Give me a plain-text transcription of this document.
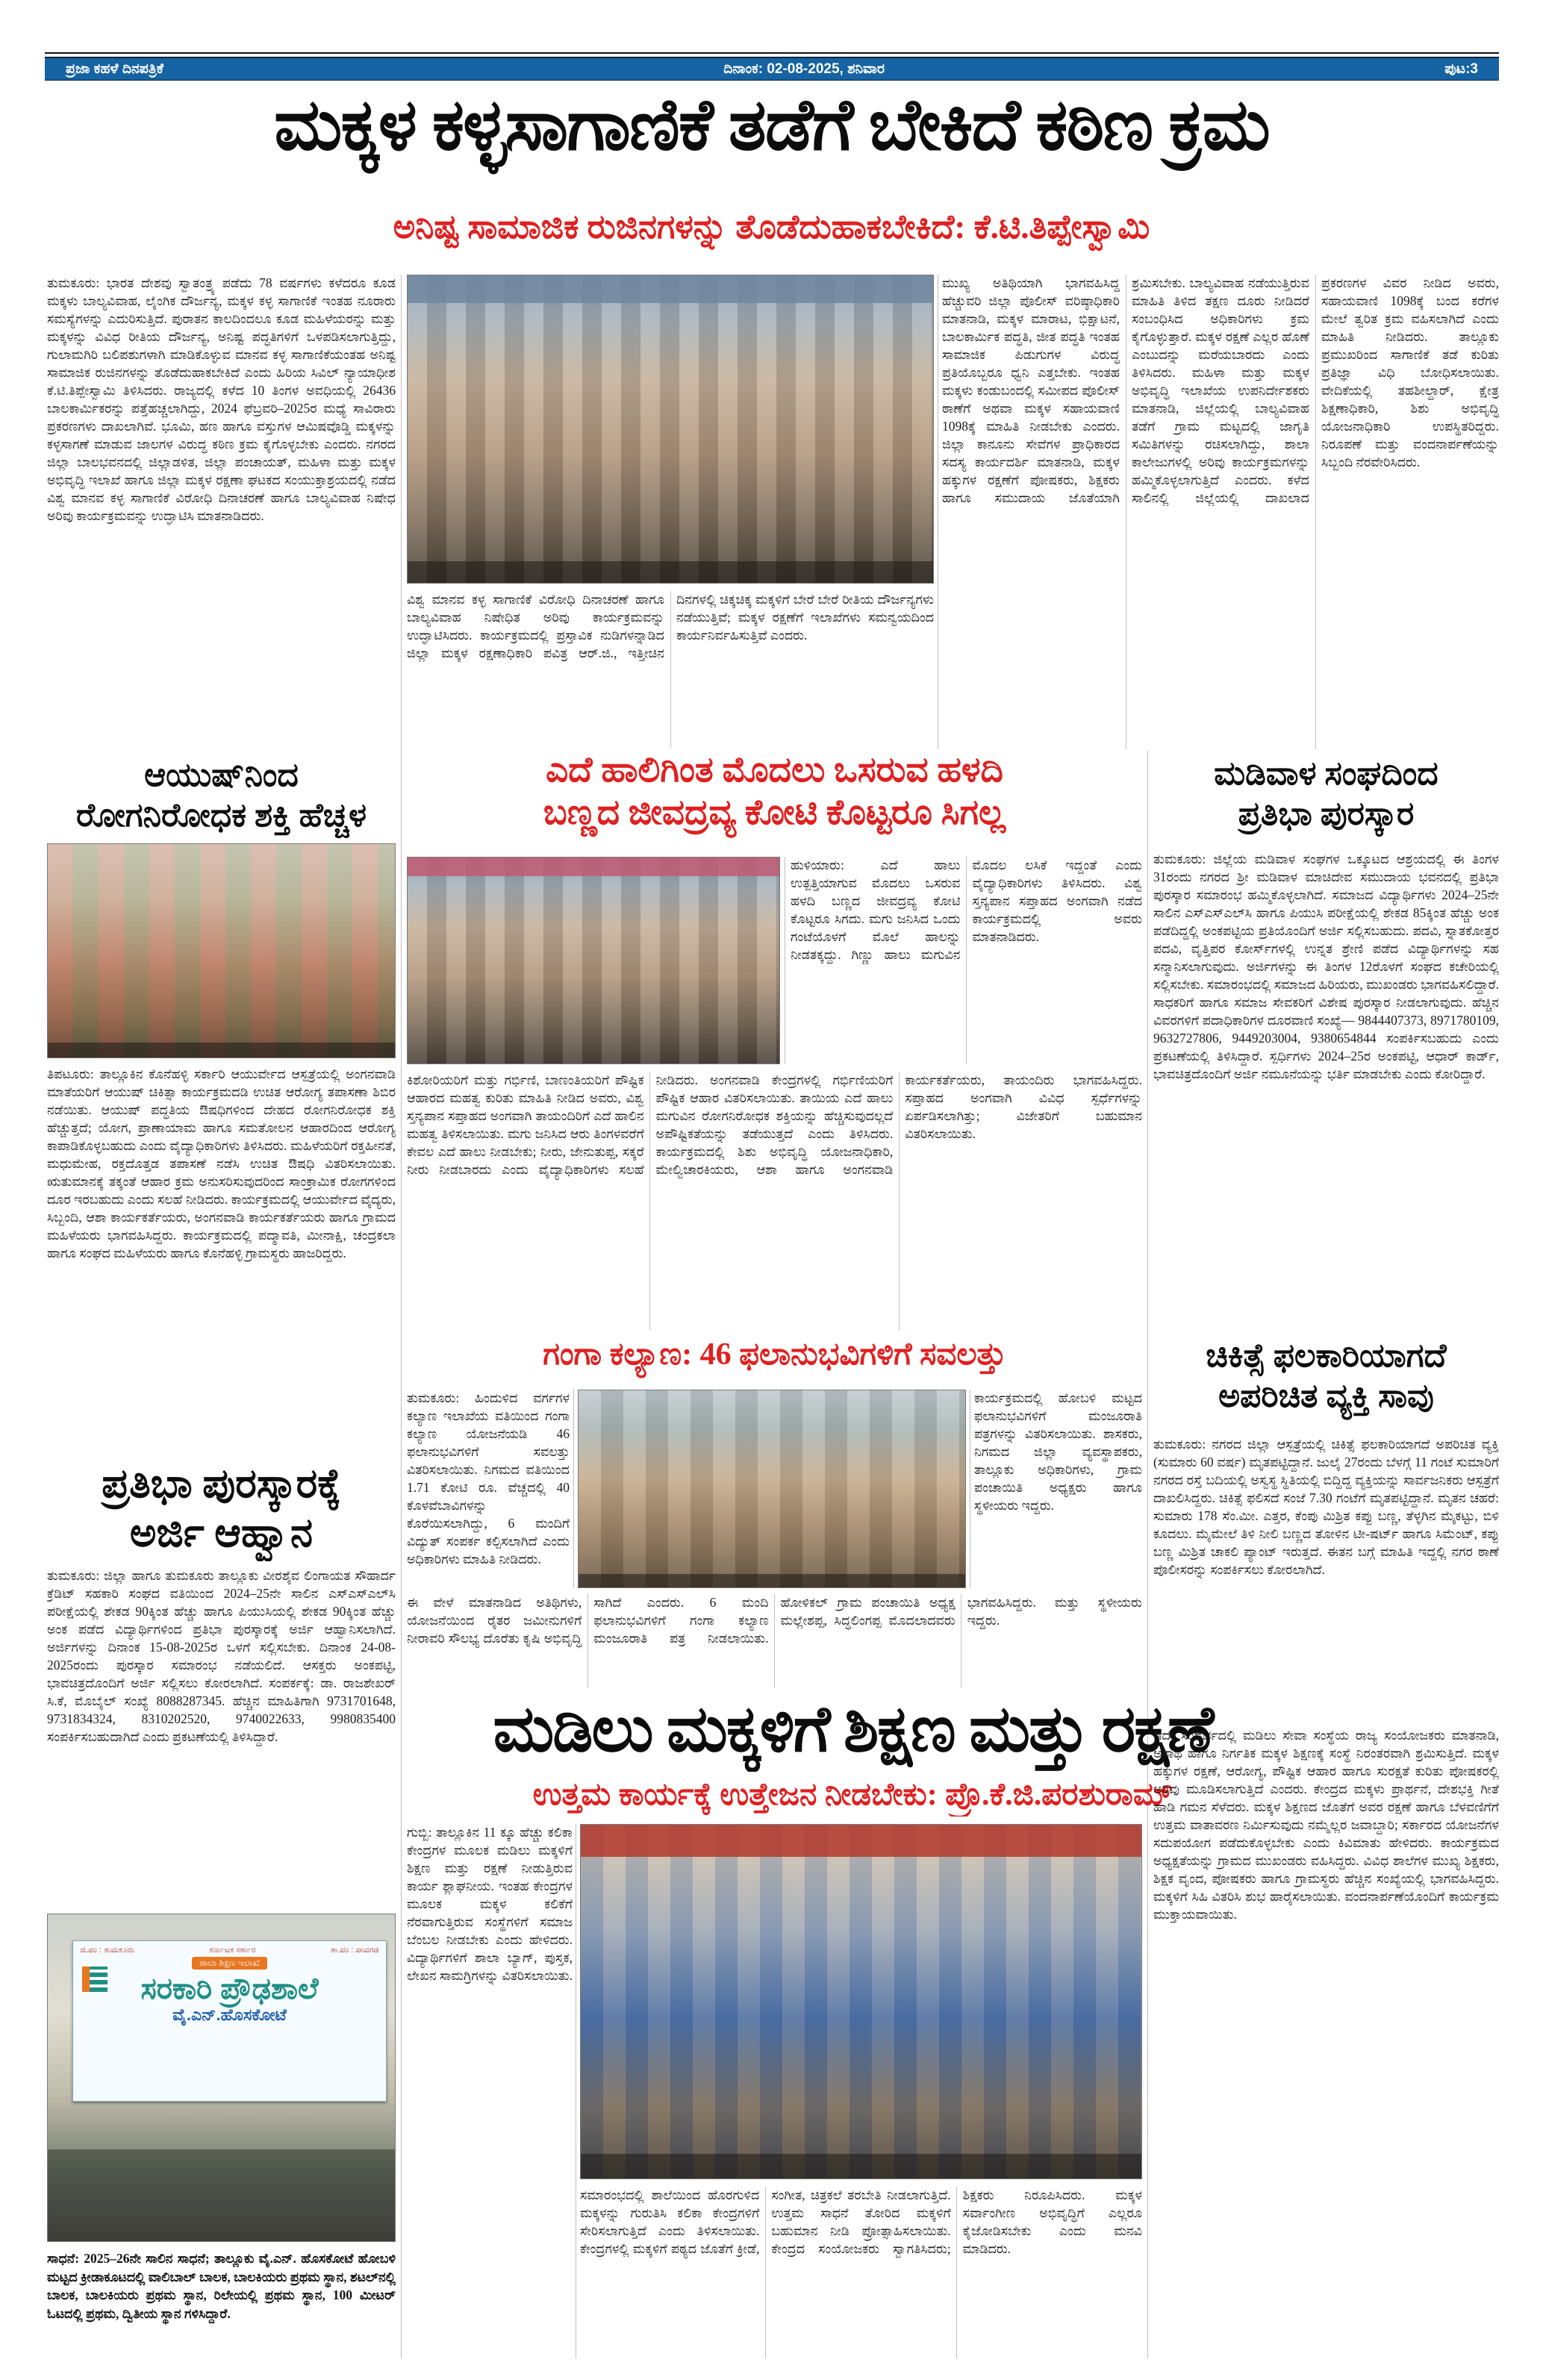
ಪ್ರಜಾ ಕಹಳೆ ದಿನಪತ್ರಿಕೆ	ದಿನಾಂಕ: 02-08-2025, ಶನಿವಾರ	ಪುಟ:3
ಮಕ್ಕಳ ಕಳ್ಳಸಾಗಾಣಿಕೆ ತಡೆಗೆ ಬೇಕಿದೆ ಕಠಿಣ ಕ್ರಮ
ಅನಿಷ್ಟ ಸಾಮಾಜಿಕ ರುಜಿನಗಳನ್ನು ತೊಡೆದುಹಾಕಬೇಕಿದೆ: ಕೆ.ಟಿ.ತಿಪ್ಪೇಸ್ವಾಮಿ
ತುಮಕೂರು: ಭಾರತ ದೇಶವು ಸ್ವಾತಂತ್ರ್ಯ ಪಡೆದು 78 ವರ್ಷಗಳು ಕಳೆದರೂ ಕೂಡ ಮಕ್ಕಳು ಬಾಲ್ಯವಿವಾಹ, ಲೈಂಗಿಕ ದೌರ್ಜನ್ಯ, ಮಕ್ಕಳ ಕಳ್ಳ ಸಾಗಾಣಿಕೆ ಇಂತಹ ನೂರಾರು ಸಮಸ್ಯೆಗಳನ್ನು ಎದುರಿಸುತ್ತಿದೆ. ಪುರಾತನ ಕಾಲದಿಂದಲೂ ಕೂಡ ಮಹಿಳೆಯರನ್ನು ಮತ್ತು ಮಕ್ಕಳನ್ನು ವಿವಿಧ ರೀತಿಯ ದೌರ್ಜನ್ಯ, ಅನಿಷ್ಟ ಪದ್ಧತಿಗಳಿಗೆ ಒಳಪಡಿಸಲಾಗುತ್ತಿದ್ದು, ಗುಲಾಮಗಿರಿ ಬಲಿಪಶುಗಳಾಗಿ ಮಾಡಿಕೊಳ್ಳುವ ಮಾನವ ಕಳ್ಳ ಸಾಗಾಣಿಕೆಯಂತಹ ಅನಿಷ್ಟ ಸಾಮಾಜಿಕ ರುಜಿನಗಳನ್ನು ತೊಡೆದುಹಾಕಬೇಕಿದೆ ಎಂದು ಹಿರಿಯ ಸಿವಿಲ್ ನ್ಯಾಯಾಧೀಶ ಕೆ.ಟಿ.ತಿಪ್ಪೇಸ್ವಾಮಿ ತಿಳಿಸಿದರು. ರಾಜ್ಯದಲ್ಲಿ ಕಳೆದ 10 ತಿಂಗಳ ಅವಧಿಯಲ್ಲಿ 26436 ಬಾಲಕಾರ್ಮಿಕರನ್ನು ಪತ್ತೆಹಚ್ಚಲಾಗಿದ್ದು, 2024 ಫೆಬ್ರವರಿ–2025ರ ಮಧ್ಯೆ ಸಾವಿರಾರು ಪ್ರಕರಣಗಳು ದಾಖಲಾಗಿವೆ. ಭೂಮಿ, ಹಣ ಹಾಗೂ ವಸ್ತುಗಳ ಆಮಿಷವೊಡ್ಡಿ ಮಕ್ಕಳನ್ನು ಕಳ್ಳಸಾಗಣೆ ಮಾಡುವ ಜಾಲಗಳ ವಿರುದ್ಧ ಕಠಿಣ ಕ್ರಮ ಕೈಗೊಳ್ಳಬೇಕು ಎಂದರು. ನಗರದ ಜಿಲ್ಲಾ ಬಾಲಭವನದಲ್ಲಿ ಜಿಲ್ಲಾಡಳಿತ, ಜಿಲ್ಲಾ ಪಂಚಾಯತ್, ಮಹಿಳಾ ಮತ್ತು ಮಕ್ಕಳ ಅಭಿವೃದ್ಧಿ ಇಲಾಖೆ ಹಾಗೂ ಜಿಲ್ಲಾ ಮಕ್ಕಳ ರಕ್ಷಣಾ ಘಟಕದ ಸಂಯುಕ್ತಾಶ್ರಯದಲ್ಲಿ ನಡೆದ ವಿಶ್ವ ಮಾನವ ಕಳ್ಳ ಸಾಗಾಣಿಕೆ ವಿರೋಧಿ ದಿನಾಚರಣೆ ಹಾಗೂ ಬಾಲ್ಯವಿವಾಹ ನಿಷೇಧ ಅರಿವು ಕಾರ್ಯಕ್ರಮವನ್ನು ಉದ್ಘಾಟಿಸಿ ಮಾತನಾಡಿದರು.
ಮುಖ್ಯ ಅತಿಥಿಯಾಗಿ ಭಾಗವಹಿಸಿದ್ದ ಹೆಚ್ಚುವರಿ ಜಿಲ್ಲಾ ಪೊಲೀಸ್ ವರಿಷ್ಠಾಧಿಕಾರಿ ಮಾತನಾಡಿ, ಮಕ್ಕಳ ಮಾರಾಟ, ಭಿಕ್ಷಾಟನೆ, ಬಾಲಕಾರ್ಮಿಕ ಪದ್ಧತಿ, ಜೀತ ಪದ್ಧತಿ ಇಂತಹ ಸಾಮಾಜಿಕ ಪಿಡುಗುಗಳ ವಿರುದ್ಧ ಪ್ರತಿಯೊಬ್ಬರೂ ಧ್ವನಿ ಎತ್ತಬೇಕು. ಇಂತಹ ಮಕ್ಕಳು ಕಂಡುಬಂದಲ್ಲಿ ಸಮೀಪದ ಪೊಲೀಸ್ ಠಾಣೆಗೆ ಅಥವಾ ಮಕ್ಕಳ ಸಹಾಯವಾಣಿ 1098ಕ್ಕೆ ಮಾಹಿತಿ ನೀಡಬೇಕು ಎಂದರು. ಜಿಲ್ಲಾ ಕಾನೂನು ಸೇವೆಗಳ ಪ್ರಾಧಿಕಾರದ ಸದಸ್ಯ ಕಾರ್ಯದರ್ಶಿ ಮಾತನಾಡಿ, ಮಕ್ಕಳ ಹಕ್ಕುಗಳ ರಕ್ಷಣೆಗೆ ಪೋಷಕರು, ಶಿಕ್ಷಕರು ಹಾಗೂ ಸಮುದಾಯ ಜೊತೆಯಾಗಿ ಶ್ರಮಿಸಬೇಕು. ಬಾಲ್ಯವಿವಾಹ ನಡೆಯುತ್ತಿರುವ ಮಾಹಿತಿ ತಿಳಿದ ತಕ್ಷಣ ದೂರು ನೀಡಿದರೆ ಸಂಬಂಧಿಸಿದ ಅಧಿಕಾರಿಗಳು ಕ್ರಮ ಕೈಗೊಳ್ಳುತ್ತಾರೆ. ಮಕ್ಕಳ ರಕ್ಷಣೆ ಎಲ್ಲರ ಹೊಣೆ ಎಂಬುದನ್ನು ಮರೆಯಬಾರದು ಎಂದು ತಿಳಿಸಿದರು. ಮಹಿಳಾ ಮತ್ತು ಮಕ್ಕಳ ಅಭಿವೃದ್ಧಿ ಇಲಾಖೆಯ ಉಪನಿರ್ದೇಶಕರು ಮಾತನಾಡಿ, ಜಿಲ್ಲೆಯಲ್ಲಿ ಬಾಲ್ಯವಿವಾಹ ತಡೆಗೆ ಗ್ರಾಮ ಮಟ್ಟದಲ್ಲಿ ಜಾಗೃತಿ ಸಮಿತಿಗಳನ್ನು ರಚಿಸಲಾಗಿದ್ದು, ಶಾಲಾ ಕಾಲೇಜುಗಳಲ್ಲಿ ಅರಿವು ಕಾರ್ಯಕ್ರಮಗಳನ್ನು ಹಮ್ಮಿಕೊಳ್ಳಲಾಗುತ್ತಿದೆ ಎಂದರು. ಕಳೆದ ಸಾಲಿನಲ್ಲಿ ಜಿಲ್ಲೆಯಲ್ಲಿ ದಾಖಲಾದ ಪ್ರಕರಣಗಳ ವಿವರ ನೀಡಿದ ಅವರು, ಸಹಾಯವಾಣಿ 1098ಕ್ಕೆ ಬಂದ ಕರೆಗಳ ಮೇಲೆ ತ್ವರಿತ ಕ್ರಮ ವಹಿಸಲಾಗಿದೆ ಎಂದು ಮಾಹಿತಿ ನೀಡಿದರು. ತಾಲ್ಲೂಕು ಪ್ರಮುಖರಿಂದ ಸಾಗಾಣಿಕೆ ತಡೆ ಕುರಿತು ಪ್ರತಿಜ್ಞಾ ವಿಧಿ ಬೋಧಿಸಲಾಯಿತು. ವೇದಿಕೆಯಲ್ಲಿ ತಹಶೀಲ್ದಾರ್, ಕ್ಷೇತ್ರ ಶಿಕ್ಷಣಾಧಿಕಾರಿ, ಶಿಶು ಅಭಿವೃದ್ಧಿ ಯೋಜನಾಧಿಕಾರಿ ಉಪಸ್ಥಿತರಿದ್ದರು. ನಿರೂಪಣೆ ಮತ್ತು ವಂದನಾರ್ಪಣೆಯನ್ನು ಸಿಬ್ಬಂದಿ ನೆರವೇರಿಸಿದರು.
ವಿಶ್ವ ಮಾನವ ಕಳ್ಳ ಸಾಗಾಣಿಕೆ ವಿರೋಧಿ ದಿನಾಚರಣೆ ಹಾಗೂ ಬಾಲ್ಯವಿವಾಹ ನಿಷೇಧಿತ ಅರಿವು ಕಾರ್ಯಕ್ರಮವನ್ನು ಉದ್ಘಾಟಿಸಿದರು. ಕಾರ್ಯಕ್ರಮದಲ್ಲಿ ಪ್ರಸ್ತಾವಿಕ ನುಡಿಗಳನ್ನಾಡಿದ ಜಿಲ್ಲಾ ಮಕ್ಕಳ ರಕ್ಷಣಾಧಿಕಾರಿ ಪವಿತ್ರ ಆರ್.ಜಿ., ಇತ್ತೀಚಿನ ದಿನಗಳಲ್ಲಿ ಚಿಕ್ಕಚಿಕ್ಕ ಮಕ್ಕಳಿಗೆ ಬೇರೆ ಬೇರೆ ರೀತಿಯ ದೌರ್ಜನ್ಯಗಳು ನಡೆಯುತ್ತಿವೆ; ಮಕ್ಕಳ ರಕ್ಷಣೆಗೆ ಇಲಾಖೆಗಳು ಸಮನ್ವಯದಿಂದ ಕಾರ್ಯನಿರ್ವಹಿಸುತ್ತಿವೆ ಎಂದರು.
ಆಯುಷ್‌ನಿಂದ
ರೋಗನಿರೋಧಕ ಶಕ್ತಿ ಹೆಚ್ಚಳ
ತಿಪಟೂರು: ತಾಲ್ಲೂಕಿನ ಕೊನೆಹಳ್ಳಿ ಸರ್ಕಾರಿ ಆಯುರ್ವೇದ ಆಸ್ಪತ್ರೆಯಲ್ಲಿ ಅಂಗನವಾಡಿ ಮಾತೆಯರಿಗೆ ಆಯುಷ್ ಚಿಕಿತ್ಸಾ ಕಾರ್ಯಕ್ರಮದಡಿ ಉಚಿತ ಆರೋಗ್ಯ ತಪಾಸಣಾ ಶಿಬಿರ ನಡೆಯಿತು. ಆಯುಷ್ ಪದ್ಧತಿಯ ಔಷಧಿಗಳಿಂದ ದೇಹದ ರೋಗನಿರೋಧಕ ಶಕ್ತಿ ಹೆಚ್ಚುತ್ತದೆ; ಯೋಗ, ಪ್ರಾಣಾಯಾಮ ಹಾಗೂ ಸಮತೋಲನ ಆಹಾರದಿಂದ ಆರೋಗ್ಯ ಕಾಪಾಡಿಕೊಳ್ಳಬಹುದು ಎಂದು ವೈದ್ಯಾಧಿಕಾರಿಗಳು ತಿಳಿಸಿದರು. ಮಹಿಳೆಯರಿಗೆ ರಕ್ತಹೀನತೆ, ಮಧುಮೇಹ, ರಕ್ತದೊತ್ತಡ ತಪಾಸಣೆ ನಡೆಸಿ ಉಚಿತ ಔಷಧಿ ವಿತರಿಸಲಾಯಿತು. ಋತುಮಾನಕ್ಕೆ ತಕ್ಕಂತೆ ಆಹಾರ ಕ್ರಮ ಅನುಸರಿಸುವುದರಿಂದ ಸಾಂಕ್ರಾಮಿಕ ರೋಗಗಳಿಂದ ದೂರ ಇರಬಹುದು ಎಂದು ಸಲಹೆ ನೀಡಿದರು. ಕಾರ್ಯಕ್ರಮದಲ್ಲಿ ಆಯುರ್ವೇದ ವೈದ್ಯರು, ಸಿಬ್ಬಂದಿ, ಆಶಾ ಕಾರ್ಯಕರ್ತೆಯರು, ಅಂಗನವಾಡಿ ಕಾರ್ಯಕರ್ತೆಯರು ಹಾಗೂ ಗ್ರಾಮದ ಮಹಿಳೆಯರು ಭಾಗವಹಿಸಿದ್ದರು. ಕಾರ್ಯಕ್ರಮದಲ್ಲಿ ಪದ್ಮಾವತಿ, ಮೀನಾಕ್ಷಿ, ಚಂದ್ರಕಲಾ ಹಾಗೂ ಸಂಘದ ಮಹಿಳೆಯರು ಹಾಗೂ ಕೊನೆಹಳ್ಳಿ ಗ್ರಾಮಸ್ಥರು ಹಾಜರಿದ್ದರು.
ಪ್ರತಿಭಾ ಪುರಸ್ಕಾರಕ್ಕೆ
ಅರ್ಜಿ ಆಹ್ವಾನ
ತುಮಕೂರು: ಜಿಲ್ಲಾ ಹಾಗೂ ತುಮಕೂರು ತಾಲ್ಲೂಕು ವೀರಶೈವ ಲಿಂಗಾಯತ ಸೌಹಾರ್ದ ಕ್ರೆಡಿಟ್ ಸಹಕಾರಿ ಸಂಘದ ವತಿಯಿಂದ 2024–25ನೇ ಸಾಲಿನ ಎಸ್‌ಎಸ್‌ಎಲ್‌ಸಿ ಪರೀಕ್ಷೆಯಲ್ಲಿ ಶೇಕಡ 90ಕ್ಕಿಂತ ಹೆಚ್ಚು ಹಾಗೂ ಪಿಯುಸಿಯಲ್ಲಿ ಶೇಕಡ 90ಕ್ಕಿಂತ ಹೆಚ್ಚು ಅಂಕ ಪಡೆದ ವಿದ್ಯಾರ್ಥಿಗಳಿಂದ ಪ್ರತಿಭಾ ಪುರಸ್ಕಾರಕ್ಕೆ ಅರ್ಜಿ ಆಹ್ವಾನಿಸಲಾಗಿದೆ. ಅರ್ಜಿಗಳನ್ನು ದಿನಾಂಕ 15-08-2025ರ ಒಳಗೆ ಸಲ್ಲಿಸಬೇಕು. ದಿನಾಂಕ 24-08-2025ರಂದು ಪುರಸ್ಕಾರ ಸಮಾರಂಭ ನಡೆಯಲಿದೆ. ಆಸಕ್ತರು ಅಂಕಪಟ್ಟಿ, ಭಾವಚಿತ್ರದೊಂದಿಗೆ ಅರ್ಜಿ ಸಲ್ಲಿಸಲು ಕೋರಲಾಗಿದೆ. ಸಂಪರ್ಕಕ್ಕೆ: ಡಾ. ರಾಜಶೇಖರ್ ಸಿ.ಕೆ, ಮೊಬೈಲ್ ಸಂಖ್ಯೆ 8088287345. ಹೆಚ್ಚಿನ ಮಾಹಿತಿಗಾಗಿ 9731701648, 9731834324, 8310202520, 9740022633, 9980835400 ಸಂಪರ್ಕಿಸಬಹುದಾಗಿದೆ ಎಂದು ಪ್ರಕಟಣೆಯಲ್ಲಿ ತಿಳಿಸಿದ್ದಾರೆ.
ಜಿ.ಪಂ : ತುಮಕೂರು	ಕರ್ನಾಟಕ ಸರ್ಕಾರ	ತಾ.ಪಂ : ಪಾವಗಡ
ಶಾಲಾ ಶಿಕ್ಷಣ ಇಲಾಖೆ
ಸರಕಾರಿ ಪ್ರೌಢಶಾಲೆ
ವೈ.ಎನ್.ಹೊಸಕೋಟೆ
ಸಾಧನೆ: 2025–26ನೇ ಸಾಲಿನ ಸಾಧನೆ; ತಾಲ್ಲೂಕು ವೈ.ಎನ್. ಹೊಸಕೋಟೆ ಹೋಬಳಿ ಮಟ್ಟದ ಕ್ರೀಡಾಕೂಟದಲ್ಲಿ ವಾಲಿಬಾಲ್ ಬಾಲಕ, ಬಾಲಕಿಯರು ಪ್ರಥಮ ಸ್ಥಾನ, ಶಟಲ್‌ನಲ್ಲಿ ಬಾಲಕ, ಬಾಲಕಿಯರು ಪ್ರಥಮ ಸ್ಥಾನ, ರಿಲೇಯಲ್ಲಿ ಪ್ರಥಮ ಸ್ಥಾನ, 100 ಮೀಟರ್ ಓಟದಲ್ಲಿ ಪ್ರಥಮ, ದ್ವಿತೀಯ ಸ್ಥಾನ ಗಳಿಸಿದ್ದಾರೆ.
ಎದೆ ಹಾಲಿಗಿಂತ ಮೊದಲು ಒಸರುವ ಹಳದಿ
ಬಣ್ಣದ ಜೀವದ್ರವ್ಯ ಕೋಟಿ ಕೊಟ್ಟರೂ ಸಿಗಲ್ಲ
ಹುಳಿಯಾರು: ಎದೆ ಹಾಲು ಉತ್ಪತ್ತಿಯಾಗುವ ಮೊದಲು ಒಸರುವ ಹಳದಿ ಬಣ್ಣದ ಜೀವದ್ರವ್ಯ ಕೋಟಿ ಕೊಟ್ಟರೂ ಸಿಗದು. ಮಗು ಜನಿಸಿದ ಒಂದು ಗಂಟೆಯೊಳಗೆ ಮೊಲೆ ಹಾಲನ್ನು ನೀಡತಕ್ಕದ್ದು. ಗಿಣ್ಣು ಹಾಲು ಮಗುವಿನ ಮೊದಲ ಲಸಿಕೆ ಇದ್ದಂತೆ ಎಂದು ವೈದ್ಯಾಧಿಕಾರಿಗಳು ತಿಳಿಸಿದರು. ವಿಶ್ವ ಸ್ತನ್ಯಪಾನ ಸಪ್ತಾಹದ ಅಂಗವಾಗಿ ನಡೆದ ಕಾರ್ಯಕ್ರಮದಲ್ಲಿ ಅವರು ಮಾತನಾಡಿದರು.
ಕಿಶೋರಿಯರಿಗೆ ಮತ್ತು ಗರ್ಭಿಣಿ, ಬಾಣಂತಿಯರಿಗೆ ಪೌಷ್ಟಿಕ ಆಹಾರದ ಮಹತ್ವ ಕುರಿತು ಮಾಹಿತಿ ನೀಡಿದ ಅವರು, ವಿಶ್ವ ಸ್ತನ್ಯಪಾನ ಸಪ್ತಾಹದ ಅಂಗವಾಗಿ ತಾಯಂದಿರಿಗೆ ಎದೆ ಹಾಲಿನ ಮಹತ್ವ ತಿಳಿಸಲಾಯಿತು. ಮಗು ಜನಿಸಿದ ಆರು ತಿಂಗಳವರೆಗೆ ಕೇವಲ ಎದೆ ಹಾಲು ನೀಡಬೇಕು; ನೀರು, ಜೇನುತುಪ್ಪ, ಸಕ್ಕರೆ ನೀರು ನೀಡಬಾರದು ಎಂದು ವೈದ್ಯಾಧಿಕಾರಿಗಳು ಸಲಹೆ ನೀಡಿದರು. ಅಂಗನವಾಡಿ ಕೇಂದ್ರಗಳಲ್ಲಿ ಗರ್ಭಿಣಿಯರಿಗೆ ಪೌಷ್ಟಿಕ ಆಹಾರ ವಿತರಿಸಲಾಯಿತು. ತಾಯಿಯ ಎದೆ ಹಾಲು ಮಗುವಿನ ರೋಗನಿರೋಧಕ ಶಕ್ತಿಯನ್ನು ಹೆಚ್ಚಿಸುವುದಲ್ಲದೆ ಅಪೌಷ್ಟಿಕತೆಯನ್ನು ತಡೆಯುತ್ತದೆ ಎಂದು ತಿಳಿಸಿದರು. ಕಾರ್ಯಕ್ರಮದಲ್ಲಿ ಶಿಶು ಅಭಿವೃದ್ಧಿ ಯೋಜನಾಧಿಕಾರಿ, ಮೇಲ್ವಿಚಾರಕಿಯರು, ಆಶಾ ಹಾಗೂ ಅಂಗನವಾಡಿ ಕಾರ್ಯಕರ್ತೆಯರು, ತಾಯಂದಿರು ಭಾಗವಹಿಸಿದ್ದರು. ಸಪ್ತಾಹದ ಅಂಗವಾಗಿ ವಿವಿಧ ಸ್ಪರ್ಧೆಗಳನ್ನು ಏರ್ಪಡಿಸಲಾಗಿತ್ತು; ವಿಜೇತರಿಗೆ ಬಹುಮಾನ ವಿತರಿಸಲಾಯಿತು.
ಗಂಗಾ ಕಲ್ಯಾಣ: 46 ಫಲಾನುಭವಿಗಳಿಗೆ ಸವಲತ್ತು
ತುಮಕೂರು: ಹಿಂದುಳಿದ ವರ್ಗಗಳ ಕಲ್ಯಾಣ ಇಲಾಖೆಯ ವತಿಯಿಂದ ಗಂಗಾ ಕಲ್ಯಾಣ ಯೋಜನೆಯಡಿ 46 ಫಲಾನುಭವಿಗಳಿಗೆ ಸವಲತ್ತು ವಿತರಿಸಲಾಯಿತು. ನಿಗಮದ ವತಿಯಿಂದ 1.71 ಕೋಟಿ ರೂ. ವೆಚ್ಚದಲ್ಲಿ 40 ಕೊಳವೆಬಾವಿಗಳನ್ನು ಕೊರೆಯಿಸಲಾಗಿದ್ದು, 6 ಮಂದಿಗೆ ವಿದ್ಯುತ್ ಸಂಪರ್ಕ ಕಲ್ಪಿಸಲಾಗಿದೆ ಎಂದು ಅಧಿಕಾರಿಗಳು ಮಾಹಿತಿ ನೀಡಿದರು.
ಕಾರ್ಯಕ್ರಮದಲ್ಲಿ ಹೋಬಳಿ ಮಟ್ಟದ ಫಲಾನುಭವಿಗಳಿಗೆ ಮಂಜೂರಾತಿ ಪತ್ರಗಳನ್ನು ವಿತರಿಸಲಾಯಿತು. ಶಾಸಕರು, ನಿಗಮದ ಜಿಲ್ಲಾ ವ್ಯವಸ್ಥಾಪಕರು, ತಾಲ್ಲೂಕು ಅಧಿಕಾರಿಗಳು, ಗ್ರಾಮ ಪಂಚಾಯಿತಿ ಅಧ್ಯಕ್ಷರು ಹಾಗೂ ಸ್ಥಳೀಯರು ಇದ್ದರು.
ಈ ವೇಳೆ ಮಾತನಾಡಿದ ಅತಿಥಿಗಳು, ಯೋಜನೆಯಿಂದ ರೈತರ ಜಮೀನುಗಳಿಗೆ ನೀರಾವರಿ ಸೌಲಭ್ಯ ದೊರೆತು ಕೃಷಿ ಅಭಿವೃದ್ಧಿ ಸಾಗಿದೆ ಎಂದರು. 6 ಮಂದಿ ಫಲಾನುಭವಿಗಳಿಗೆ ಗಂಗಾ ಕಲ್ಯಾಣ ಮಂಜೂರಾತಿ ಪತ್ರ ನೀಡಲಾಯಿತು. ಹೋಳಿಕಲ್ ಗ್ರಾಮ ಪಂಚಾಯಿತಿ ಅಧ್ಯಕ್ಷ ಮಲ್ಲೇಶಪ್ಪ, ಸಿದ್ಧಲಿಂಗಪ್ಪ ಮೊದಲಾದವರು ಭಾಗವಹಿಸಿದ್ದರು. ಮತ್ತು ಸ್ಥಳೀಯರು ಇದ್ದರು.
ಮಡಿವಾಳ ಸಂಘದಿಂದ
ಪ್ರತಿಭಾ ಪುರಸ್ಕಾರ
ತುಮಕೂರು: ಜಿಲ್ಲೆಯ ಮಡಿವಾಳ ಸಂಘಗಳ ಒಕ್ಕೂಟದ ಆಶ್ರಯದಲ್ಲಿ ಈ ತಿಂಗಳ 31ರಂದು ನಗರದ ಶ್ರೀ ಮಡಿವಾಳ ಮಾಚಿದೇವ ಸಮುದಾಯ ಭವನದಲ್ಲಿ ಪ್ರತಿಭಾ ಪುರಸ್ಕಾರ ಸಮಾರಂಭ ಹಮ್ಮಿಕೊಳ್ಳಲಾಗಿದೆ. ಸಮಾಜದ ವಿದ್ಯಾರ್ಥಿಗಳು 2024–25ನೇ ಸಾಲಿನ ಎಸ್‌ಎಸ್‌ಎಲ್‌ಸಿ ಹಾಗೂ ಪಿಯುಸಿ ಪರೀಕ್ಷೆಯಲ್ಲಿ ಶೇಕಡ 85ಕ್ಕಿಂತ ಹೆಚ್ಚು ಅಂಕ ಪಡೆದಿದ್ದಲ್ಲಿ ಅಂಕಪಟ್ಟಿಯ ಪ್ರತಿಯೊಂದಿಗೆ ಅರ್ಜಿ ಸಲ್ಲಿಸಬಹುದು. ಪದವಿ, ಸ್ನಾತಕೋತ್ತರ ಪದವಿ, ವೃತ್ತಿಪರ ಕೋರ್ಸ್‌ಗಳಲ್ಲಿ ಉನ್ನತ ಶ್ರೇಣಿ ಪಡೆದ ವಿದ್ಯಾರ್ಥಿಗಳನ್ನು ಸಹ ಸನ್ಮಾನಿಸಲಾಗುವುದು. ಅರ್ಜಿಗಳನ್ನು ಈ ತಿಂಗಳ 12ರೊಳಗೆ ಸಂಘದ ಕಚೇರಿಯಲ್ಲಿ ಸಲ್ಲಿಸಬೇಕು. ಸಮಾರಂಭದಲ್ಲಿ ಸಮಾಜದ ಹಿರಿಯರು, ಮುಖಂಡರು ಭಾಗವಹಿಸಲಿದ್ದಾರೆ. ಸಾಧಕರಿಗೆ ಹಾಗೂ ಸಮಾಜ ಸೇವಕರಿಗೆ ವಿಶೇಷ ಪುರಸ್ಕಾರ ನೀಡಲಾಗುವುದು. ಹೆಚ್ಚಿನ ವಿವರಗಳಿಗೆ ಪದಾಧಿಕಾರಿಗಳ ದೂರವಾಣಿ ಸಂಖ್ಯೆ— 9844407373, 8971780109, 9632727806, 9449203004, 9380654844 ಸಂಪರ್ಕಿಸಬಹುದು ಎಂದು ಪ್ರಕಟಣೆಯಲ್ಲಿ ತಿಳಿಸಿದ್ದಾರೆ. ಸ್ಪರ್ಧಿಗಳು 2024–25ರ ಅಂಕಪಟ್ಟಿ, ಆಧಾರ್ ಕಾರ್ಡ್, ಭಾವಚಿತ್ರದೊಂದಿಗೆ ಅರ್ಜಿ ನಮೂನೆಯನ್ನು ಭರ್ತಿ ಮಾಡಬೇಕು ಎಂದು ಕೋರಿದ್ದಾರೆ.
ಚಿಕಿತ್ಸೆ ಫಲಕಾರಿಯಾಗದೆ
ಅಪರಿಚಿತ ವ್ಯಕ್ತಿ ಸಾವು
ತುಮಕೂರು: ನಗರದ ಜಿಲ್ಲಾ ಆಸ್ಪತ್ರೆಯಲ್ಲಿ ಚಿಕಿತ್ಸೆ ಫಲಕಾರಿಯಾಗದೆ ಅಪರಿಚಿತ ವ್ಯಕ್ತಿ (ಸುಮಾರು 60 ವರ್ಷ) ಮೃತಪಟ್ಟಿದ್ದಾನೆ. ಜುಲೈ 27ರಂದು ಬೆಳಗ್ಗೆ 11 ಗಂಟೆ ಸುಮಾರಿಗೆ ನಗರದ ರಸ್ತೆ ಬದಿಯಲ್ಲಿ ಅಸ್ವಸ್ಥ ಸ್ಥಿತಿಯಲ್ಲಿ ಬಿದ್ದಿದ್ದ ವ್ಯಕ್ತಿಯನ್ನು ಸಾರ್ವಜನಿಕರು ಆಸ್ಪತ್ರೆಗೆ ದಾಖಲಿಸಿದ್ದರು. ಚಿಕಿತ್ಸೆ ಫಲಿಸದೆ ಸಂಜೆ 7.30 ಗಂಟೆಗೆ ಮೃತಪಟ್ಟಿದ್ದಾನೆ. ಮೃತನ ಚಹರೆ: ಸುಮಾರು 178 ಸೆಂ.ಮೀ. ಎತ್ತರ, ಕೆಂಪು ಮಿಶ್ರಿತ ಕಪ್ಪು ಬಣ್ಣ, ತೆಳ್ಳಗಿನ ಮೈಕಟ್ಟು, ಬಿಳಿ ಕೂದಲು. ಮೈಮೇಲೆ ತಿಳಿ ನೀಲಿ ಬಣ್ಣದ ತೋಳಿನ ಟೀ-ಷರ್ಟ್ ಹಾಗೂ ಸಿಮೆಂಟ್, ಕಪ್ಪು ಬಣ್ಣ ಮಿಶ್ರಿತ ಚಾಕಲಿ ಪ್ಯಾಂಟ್ ಇರುತ್ತದೆ. ಈತನ ಬಗ್ಗೆ ಮಾಹಿತಿ ಇದ್ದಲ್ಲಿ ನಗರ ಠಾಣೆ ಪೊಲೀಸರನ್ನು ಸಂಪರ್ಕಿಸಲು ಕೋರಲಾಗಿದೆ.
ಮಡಿಲು ಮಕ್ಕಳಿಗೆ ಶಿಕ್ಷಣ ಮತ್ತು ರಕ್ಷಣೆ
ಉತ್ತಮ ಕಾರ್ಯಕ್ಕೆ ಉತ್ತೇಜನ ನೀಡಬೇಕು: ಪ್ರೊ.ಕೆ.ಜಿ.ಪರಶುರಾಮ್
ಗುಬ್ಬಿ: ತಾಲ್ಲೂಕಿನ 11 ಕ್ಕೂ ಹೆಚ್ಚು ಕಲಿಕಾ ಕೇಂದ್ರಗಳ ಮೂಲಕ ಮಡಿಲು ಮಕ್ಕಳಿಗೆ ಶಿಕ್ಷಣ ಮತ್ತು ರಕ್ಷಣೆ ನೀಡುತ್ತಿರುವ ಕಾರ್ಯ ಶ್ಲಾಘನೀಯ. ಇಂತಹ ಕೇಂದ್ರಗಳ ಮೂಲಕ ಮಕ್ಕಳ ಕಲಿಕೆಗೆ ನೆರವಾಗುತ್ತಿರುವ ಸಂಸ್ಥೆಗಳಿಗೆ ಸಮಾಜ ಬೆಂಬಲ ನೀಡಬೇಕು ಎಂದು ಹೇಳಿದರು. ವಿದ್ಯಾರ್ಥಿಗಳಿಗೆ ಶಾಲಾ ಬ್ಯಾಗ್, ಪುಸ್ತಕ, ಲೇಖನ ಸಾಮಗ್ರಿಗಳನ್ನು ವಿತರಿಸಲಾಯಿತು.
ಸಮಾರಂಭದಲ್ಲಿ ಶಾಲೆಯಿಂದ ಹೊರಗುಳಿದ ಮಕ್ಕಳನ್ನು ಗುರುತಿಸಿ ಕಲಿಕಾ ಕೇಂದ್ರಗಳಿಗೆ ಸೇರಿಸಲಾಗುತ್ತಿದೆ ಎಂದು ತಿಳಿಸಲಾಯಿತು. ಕೇಂದ್ರಗಳಲ್ಲಿ ಮಕ್ಕಳಿಗೆ ಪಠ್ಯದ ಜೊತೆಗೆ ಕ್ರೀಡೆ, ಸಂಗೀತ, ಚಿತ್ರಕಲೆ ತರಬೇತಿ ನೀಡಲಾಗುತ್ತಿದೆ. ಉತ್ತಮ ಸಾಧನೆ ತೋರಿದ ಮಕ್ಕಳಿಗೆ ಬಹುಮಾನ ನೀಡಿ ಪ್ರೋತ್ಸಾಹಿಸಲಾಯಿತು. ಕೇಂದ್ರದ ಸಂಯೋಜಕರು ಸ್ವಾಗತಿಸಿದರು; ಶಿಕ್ಷಕರು ನಿರೂಪಿಸಿದರು. ಮಕ್ಕಳ ಸರ್ವಾಂಗೀಣ ಅಭಿವೃದ್ಧಿಗೆ ಎಲ್ಲರೂ ಕೈಜೋಡಿಸಬೇಕು ಎಂದು ಮನವಿ ಮಾಡಿದರು.
ಇದೇ ಸಂದರ್ಭದಲ್ಲಿ ಮಡಿಲು ಸೇವಾ ಸಂಸ್ಥೆಯ ರಾಜ್ಯ ಸಂಯೋಜಕರು ಮಾತನಾಡಿ, ಅನಾಥ ಹಾಗೂ ನಿರ್ಗತಿಕ ಮಕ್ಕಳ ಶಿಕ್ಷಣಕ್ಕೆ ಸಂಸ್ಥೆ ನಿರಂತರವಾಗಿ ಶ್ರಮಿಸುತ್ತಿದೆ. ಮಕ್ಕಳ ಹಕ್ಕುಗಳ ರಕ್ಷಣೆ, ಆರೋಗ್ಯ, ಪೌಷ್ಟಿಕ ಆಹಾರ ಹಾಗೂ ಸುರಕ್ಷತೆ ಕುರಿತು ಪೋಷಕರಲ್ಲಿ ಅರಿವು ಮೂಡಿಸಲಾಗುತ್ತಿದೆ ಎಂದರು. ಕೇಂದ್ರದ ಮಕ್ಕಳು ಪ್ರಾರ್ಥನೆ, ದೇಶಭಕ್ತಿ ಗೀತೆ ಹಾಡಿ ಗಮನ ಸೆಳೆದರು. ಮಕ್ಕಳ ಶಿಕ್ಷಣದ ಜೊತೆಗೆ ಅವರ ರಕ್ಷಣೆ ಹಾಗೂ ಬೆಳವಣಿಗೆಗೆ ಉತ್ತಮ ವಾತಾವರಣ ನಿರ್ಮಿಸುವುದು ನಮ್ಮೆಲ್ಲರ ಜವಾಬ್ದಾರಿ; ಸರ್ಕಾರದ ಯೋಜನೆಗಳ ಸದುಪಯೋಗ ಪಡೆದುಕೊಳ್ಳಬೇಕು ಎಂದು ಕಿವಿಮಾತು ಹೇಳಿದರು. ಕಾರ್ಯಕ್ರಮದ ಅಧ್ಯಕ್ಷತೆಯನ್ನು ಗ್ರಾಮದ ಮುಖಂಡರು ವಹಿಸಿದ್ದರು. ವಿವಿಧ ಶಾಲೆಗಳ ಮುಖ್ಯ ಶಿಕ್ಷಕರು, ಶಿಕ್ಷಕ ವೃಂದ, ಪೋಷಕರು ಹಾಗೂ ಗ್ರಾಮಸ್ಥರು ಹೆಚ್ಚಿನ ಸಂಖ್ಯೆಯಲ್ಲಿ ಭಾಗವಹಿಸಿದ್ದರು. ಮಕ್ಕಳಿಗೆ ಸಿಹಿ ವಿತರಿಸಿ ಶುಭ ಹಾರೈಸಲಾಯಿತು. ವಂದನಾರ್ಪಣೆಯೊಂದಿಗೆ ಕಾರ್ಯಕ್ರಮ ಮುಕ್ತಾಯವಾಯಿತು.
